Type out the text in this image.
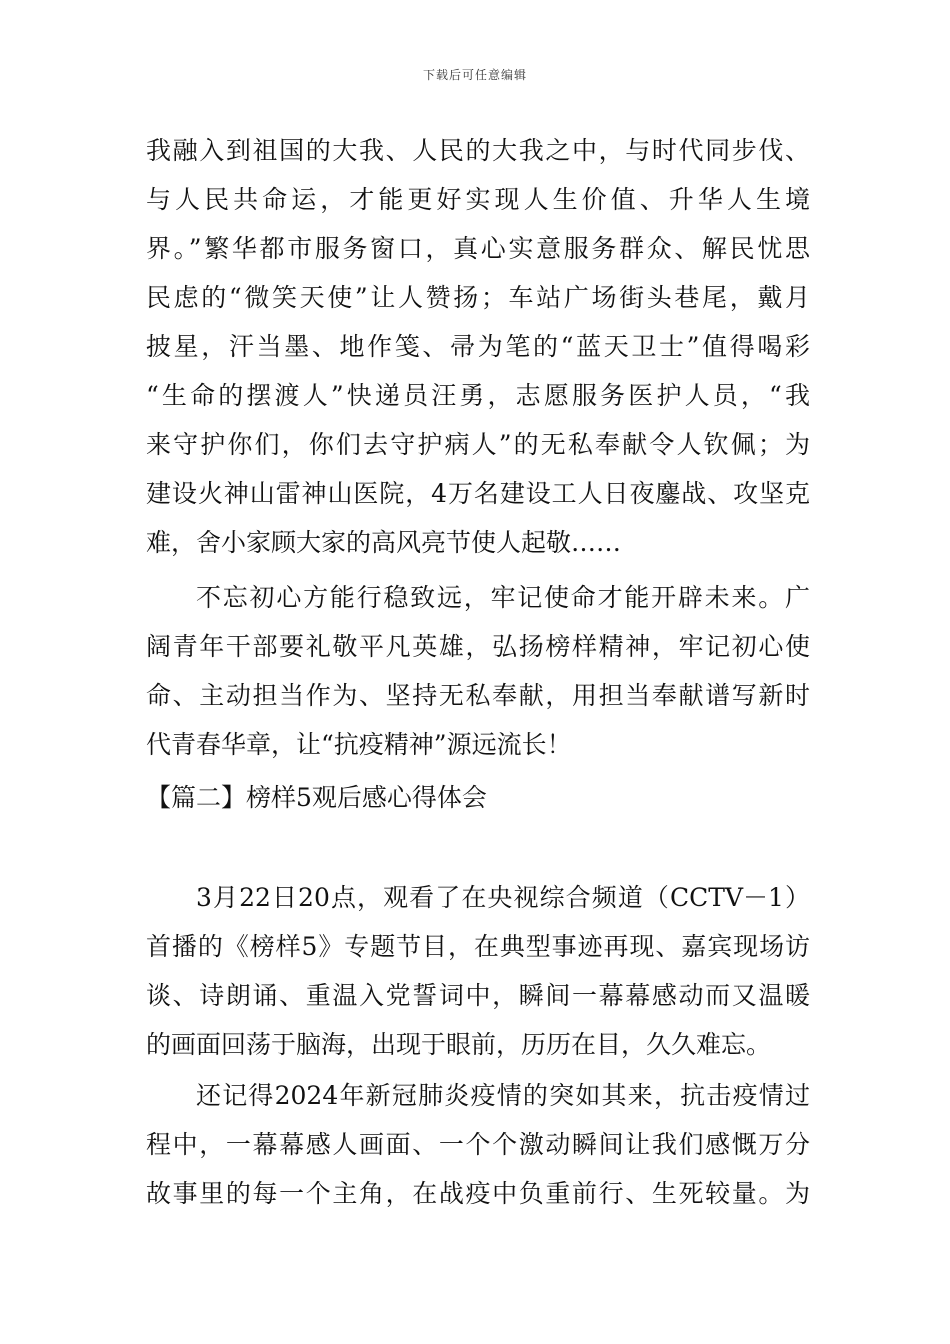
下载后可任意编辑
我融入到祖国的大我、人民的大我之中，与时代同步伐、
与人民共命运，才能更好实现人生价值、升华人生境
界。”繁华都市服务窗口，真心实意服务群众、解民忧思
民虑的“微笑天使”让人赞扬；车站广场街头巷尾，戴月
披星，汗当墨、地作笺、帚为笔的“蓝天卫士”值得喝彩
“生命的摆渡人”快递员汪勇，志愿服务医护人员，“我
来守护你们，你们去守护病人”的无私奉献令人钦佩；为
建设火神山雷神山医院，4万名建设工人日夜鏖战、攻坚克
难，舍小家顾大家的高风亮节使人起敬……
不忘初心方能行稳致远，牢记使命才能开辟未来。广
阔青年干部要礼敬平凡英雄，弘扬榜样精神，牢记初心使
命、主动担当作为、坚持无私奉献，用担当奉献谱写新时
代青春华章，让“抗疫精神”源远流长！
【篇二】榜样5观后感心得体会
3月22日20点，观看了在央视综合频道（CCTV－1）
首播的《榜样5》专题节目，在典型事迹再现、嘉宾现场访
谈、诗朗诵、重温入党誓词中，瞬间一幕幕感动而又温暖
的画面回荡于脑海，出现于眼前，历历在目，久久难忘。
还记得2024年新冠肺炎疫情的突如其来，抗击疫情过
程中，一幕幕感人画面、一个个激动瞬间让我们感慨万分
故事里的每一个主角，在战疫中负重前行、生死较量。为
